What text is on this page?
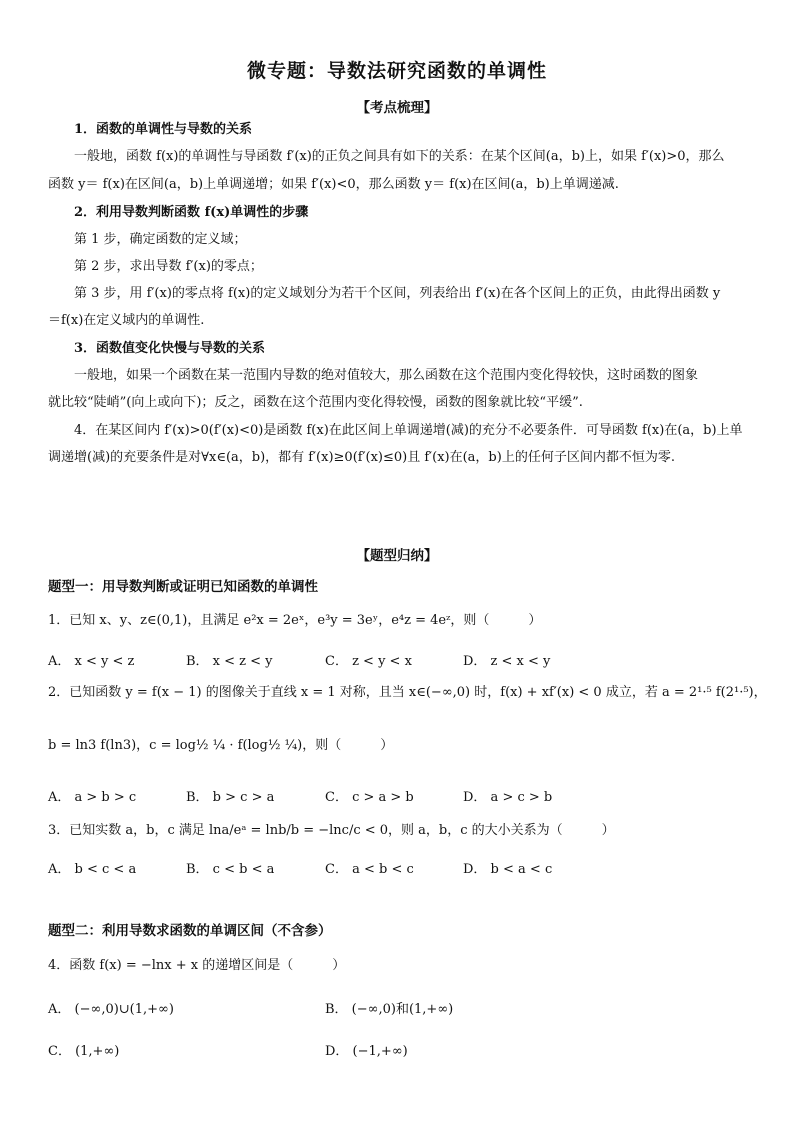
微专题：导数法研究函数的单调性
【考点梳理】
1．函数的单调性与导数的关系
一般地，函数 f(x)的单调性与导函数 f′(x)的正负之间具有如下的关系：在某个区间(a，b)上，如果 f′(x)>0，那么
函数 y＝ f(x)在区间(a，b)上单调递增；如果 f′(x)<0，那么函数 y＝ f(x)在区间(a，b)上单调递减.
2．利用导数判断函数 f(x)单调性的步骤
第 1 步，确定函数的定义域；
第 2 步，求出导数 f′(x)的零点；
第 3 步，用 f′(x)的零点将 f(x)的定义域划分为若干个区间，列表给出 f′(x)在各个区间上的正负，由此得出函数 y
＝f(x)在定义域内的单调性.
3．函数值变化快慢与导数的关系
一般地，如果一个函数在某一范围内导数的绝对值较大，那么函数在这个范围内变化得较快，这时函数的图象
就比较“陡峭”(向上或向下)；反之，函数在这个范围内变化得较慢，函数的图象就比较“平缓”.
4．在某区间内 f′(x)>0(f′(x)<0)是函数 f(x)在此区间上单调递增(减)的充分不必要条件．可导函数 f(x)在(a，b)上单
调递增(减)的充要条件是对∀x∈(a，b)，都有 f′(x)≥0(f′(x)≤0)且 f′(x)在(a，b)上的任何子区间内都不恒为零.
【题型归纳】
题型一：用导数判断或证明已知函数的单调性
1．已知 x、y、z∈(0,1)，且满足 e²x = 2eˣ，e³y = 3eʸ，e⁴z = 4eᶻ，则（　　　）
A． x < y < z	B． x < z < y	C． z < y < x	D． z < x < y
2．已知函数 y = f(x − 1) 的图像关于直线 x = 1 对称，且当 x∈(−∞,0) 时，f(x) + xf′(x) < 0 成立，若 a = 2¹·⁵ f(2¹·⁵)，
b = ln3 f(ln3)，c = log½ ¼ · f(log½ ¼)，则（　　　）
A． a > b > c	B． b > c > a	C． c > a > b	D． a > c > b
3．已知实数 a，b，c 满足 lna/eᵃ = lnb/b = −lnc/c < 0，则 a，b，c 的大小关系为（　　　）
A． b < c < a	B． c < b < a	C． a < b < c	D． b < a < c
题型二：利用导数求函数的单调区间（不含参）
4．函数 f(x) = −lnx + x 的递增区间是（　　　）
A． (−∞,0)∪(1,+∞)	B． (−∞,0)和(1,+∞)
C． (1,+∞)	D． (−1,+∞)
